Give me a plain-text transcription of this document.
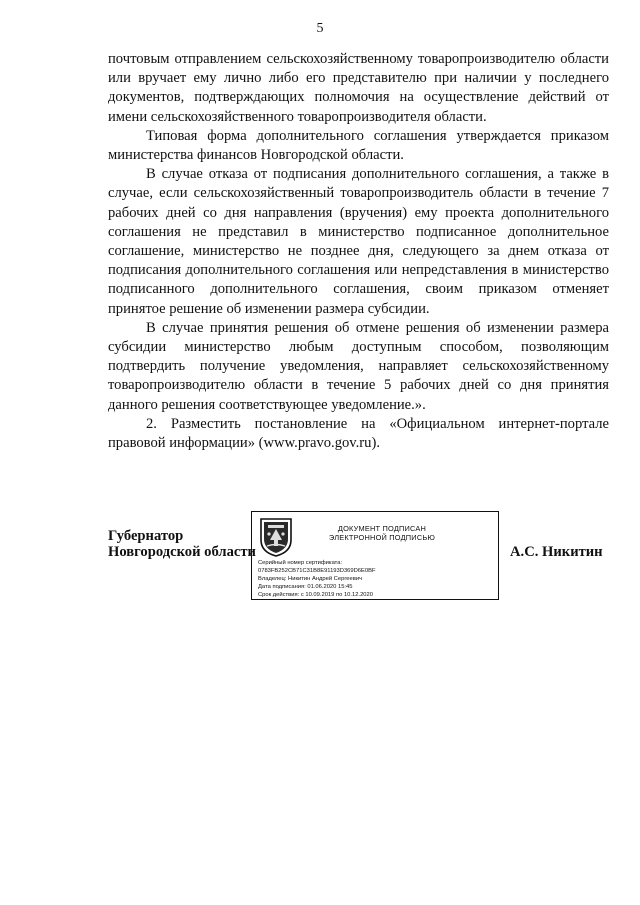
5

почтовым отправлением сельскохозяйственному товаропроизводителю области или вручает ему лично либо его представителю при наличии у последнего документов, подтверждающих полномочия на осуществление действий от имени сельскохозяйственного товаропроизводителя области.

Типовая форма дополнительного соглашения утверждается приказом министерства финансов Новгородской области.

В случае отказа от подписания дополнительного соглашения, а также в случае, если сельскохозяйственный товаропроизводитель области в течение 7 рабочих дней со дня направления (вручения) ему проекта дополнительного соглашения не представил в министерство подписанное дополнительное соглашение, министерство не позднее дня, следующего за днем отказа от подписания дополнительного соглашения или непредставления в министерство подписанного дополнительного соглашения, своим приказом отменяет принятое решение об изменении размера субсидии.

В случае принятия решения об отмене решения об изменении размера субсидии министерство любым доступным способом, позволяющим подтвердить получение уведомления, направляет сельскохозяйственному товаропроизводителю области в течение 5 рабочих дней со дня принятия данного решения соответствующее уведомление.».

2. Разместить постановление на «Официальном интернет-портале правовой информации» (www.pravo.gov.ru).

Губернатор
Новгородской области
ДОКУМЕНТ ПОДПИСАН
ЭЛЕКТРОННОЙ ПОДПИСЬЮ
Серийный номер сертификата:
0783FB252CB71C31B8E91193D369D6E0BF
Владелец: Никитин Андрей Сергеевич
Дата подписания: 01.06.2020 15:45
Срок действия: с 10.09.2019 по 10.12.2020
А.С. Никитин
